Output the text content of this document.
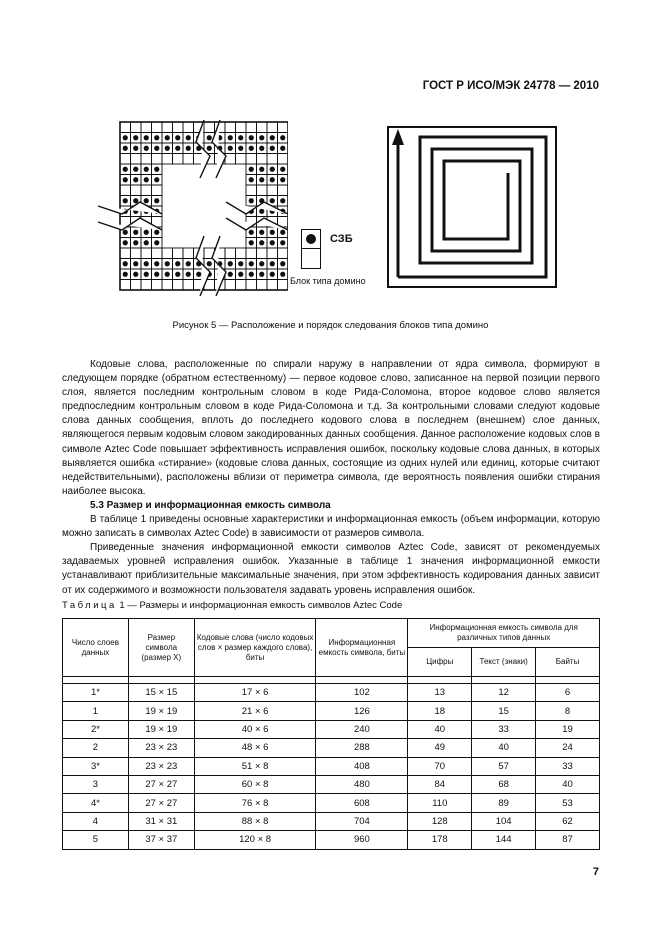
ГОСТ Р ИСО/МЭК 24778 — 2010
СЗБ
Блок типа домино
Рисунок 5 — Расположение и порядок следования блоков типа домино

Кодовые слова, расположенные по спирали наружу в направлении от ядра символа, формируют в следующем порядке (обратном естественному) — первое кодовое слово, записанное на первой позиции первого слоя, является последним контрольным словом в коде Рида-Соломона, второе кодовое слово является предпоследним контрольным словом в коде Рида-Соломона и т.д. За контрольными словами следуют кодовые слова данных сообщения, вплоть до последнего кодового слова в последнем (внешнем) слое данных, являющегося первым кодовым словом закодированных данных сообщения. Данное расположение кодовых слов в символе Aztec Code повышает эффективность исправления ошибок, поскольку кодовые слова данных, в которых выявляется ошибка «стирание» (кодовые слова данных, состоящие из одних нулей или единиц, которые считают недействительными), расположены вблизи от периметра символа, где вероятность появления ошибки стирания наиболее высока.

5.3 Размер и информационная емкость символа

В таблице 1 приведены основные характеристики и информационная емкость (объем информации, которую можно записать в символах Aztec Code) в зависимости от размеров символа.

Приведенные значения информационной емкости символов Aztec Code, зависят от рекомендуемых задаваемых уровней исправления ошибок. Указанные в таблице 1 значения информационной емкости устанавливают приблизительные максимальные значения, при этом эффективность кодирования данных зависит от их содержимого и возможности пользователя задавать уровень исправления ошибок.

Таблица 1 — Размеры и информационная емкость символов Aztec Code
Число слоев данных	Размер символа (размер X)	Кодовые слова (число кодовых слов × размер каждого слова), биты	Информационная емкость символа, биты	Информационная емкость символа для различных типов данных		
				Цифры	Текст (знаки)	Байты

1*	15 × 15	17 × 6	102	13	12	6
1	19 × 19	21 × 6	126	18	15	8
2*	19 × 19	40 × 6	240	40	33	19
2	23 × 23	48 × 6	288	49	40	24
3*	23 × 23	51 × 8	408	70	57	33
3	27 × 27	60 × 8	480	84	68	40
4*	27 × 27	76 × 8	608	110	89	53
4	31 × 31	88 × 8	704	128	104	62
5	37 × 37	120 × 8	960	178	144	87
7
